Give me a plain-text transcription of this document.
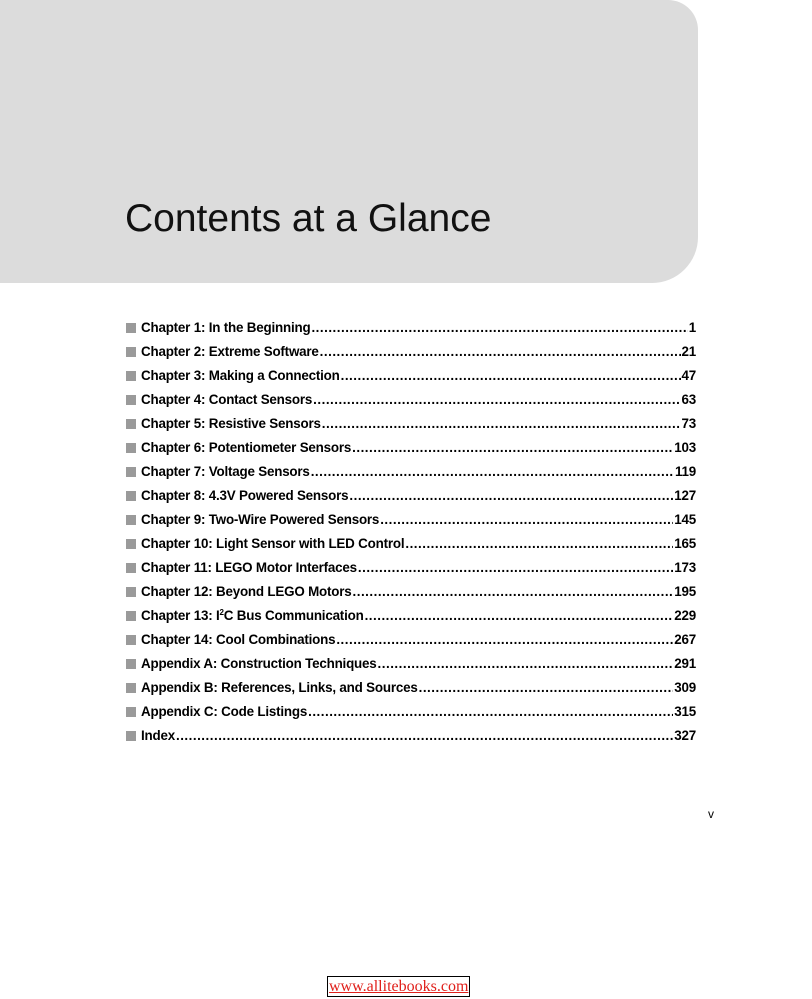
Contents at a Glance
Chapter 1: In the Beginning .....	1
Chapter 2: Extreme Software .....	21
Chapter 3: Making a Connection .....	47
Chapter 4: Contact Sensors .....	63
Chapter 5: Resistive Sensors .....	73
Chapter 6: Potentiometer Sensors .....	103
Chapter 7: Voltage Sensors .....	119
Chapter 8: 4.3V Powered Sensors .....	127
Chapter 9: Two-Wire Powered Sensors .....	145
Chapter 10: Light Sensor with LED Control .....	165
Chapter 11: LEGO Motor Interfaces .....	173
Chapter 12: Beyond LEGO Motors .....	195
Chapter 13: $I^2C$ Bus Communication .....	229
Chapter 14: Cool Combinations .....	267
Appendix A: Construction Techniques .....	291
Appendix B: References, Links, and Sources .....	309
Appendix C: Code Listings .....	315
Index .....	327
v
www.allitebooks.com
